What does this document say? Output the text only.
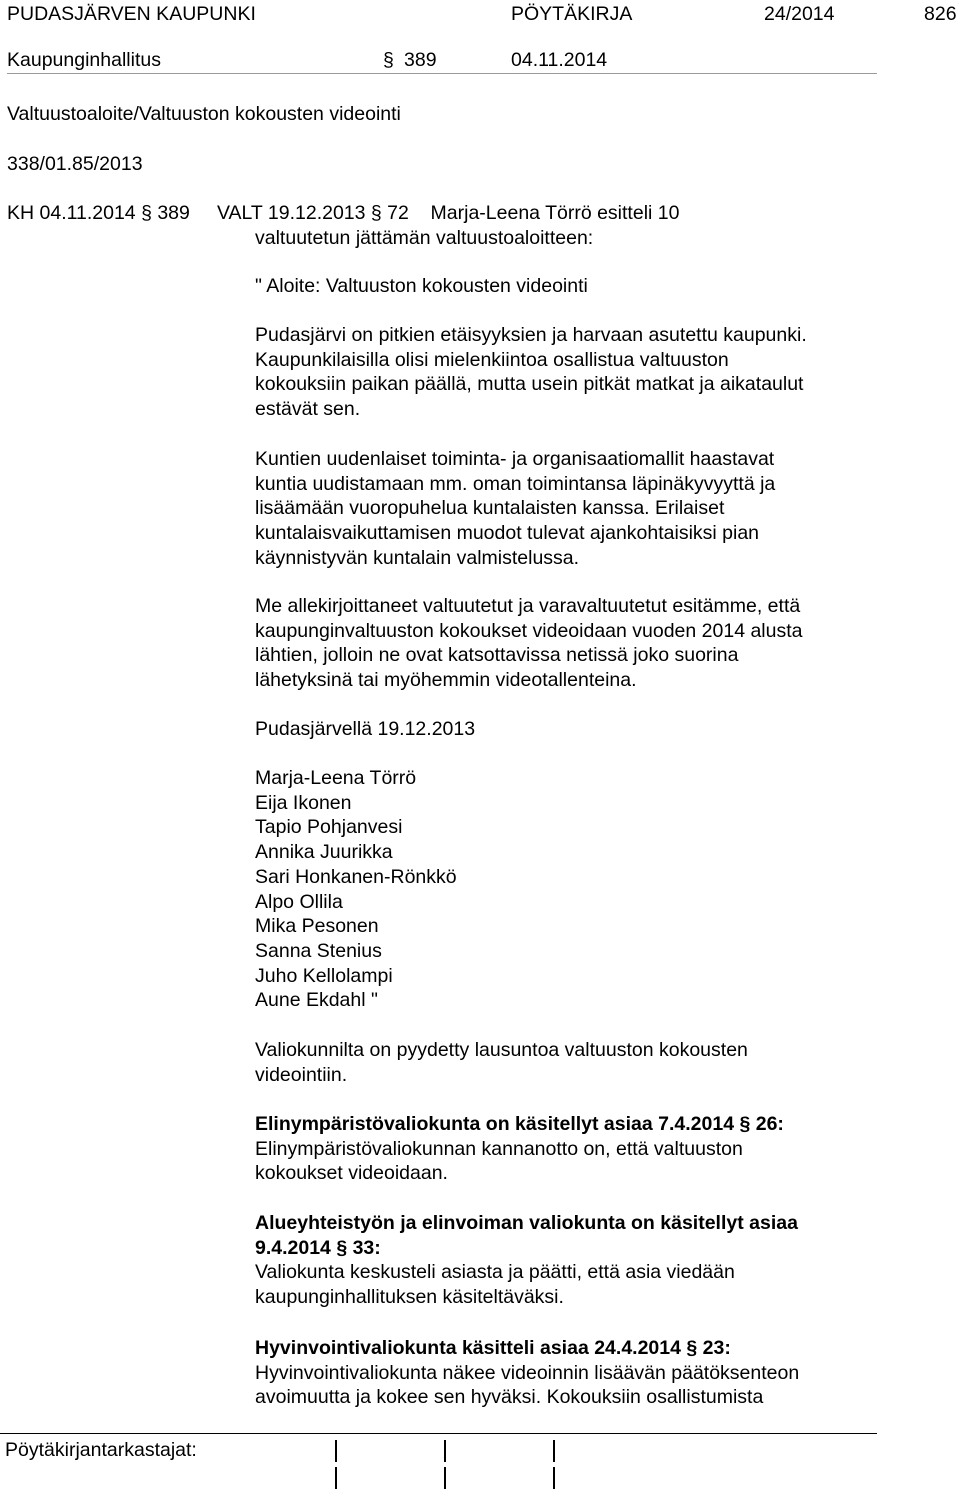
PUDASJÄRVEN KAUPUNKI	PÖYTÄKIRJA	24/2014	826
Kaupunginhallitus	§ 389	04.11.2014
Valtuustoaloite/Valtuuston kokousten videointi
338/01.85/2013
KH 04.11.2014 § 389     VALT 19.12.2013 § 72    Marja-Leena Törrö esitteli 10
valtuutetun jättämän valtuustoaloitteen:

" Aloite: Valtuuston kokousten videointi

Pudasjärvi on pitkien etäisyyksien ja harvaan asutettu kaupunki.
Kaupunkilaisilla olisi mielenkiintoa osallistua valtuuston
kokouksiin paikan päällä, mutta usein pitkät matkat ja aikataulut
estävät sen.

Kuntien uudenlaiset toiminta- ja organisaatiomallit haastavat
kuntia uudistamaan mm. oman toimintansa läpinäkyvyyttä ja
lisäämään vuoropuhelua kuntalaisten kanssa. Erilaiset
kuntalaisvaikuttamisen muodot tulevat ajankohtaisiksi pian
käynnistyvän kuntalain valmistelussa.

Me allekirjoittaneet valtuutetut ja varavaltuutetut esitämme, että
kaupunginvaltuuston kokoukset videoidaan vuoden 2014 alusta
lähtien, jolloin ne ovat katsottavissa netissä joko suorina
lähetyksinä tai myöhemmin videotallenteina.

Pudasjärvellä 19.12.2013

Marja-Leena Törrö
Eija Ikonen
Tapio Pohjanvesi
Annika Juurikka
Sari Honkanen-Rönkkö
Alpo Ollila
Mika Pesonen
Sanna Stenius
Juho Kellolampi
Aune Ekdahl "

Valiokunnilta on pyydetty lausuntoa valtuuston kokousten
videointiin.

Elinympäristövaliokunta on käsitellyt asiaa 7.4.2014 § 26:
Elinympäristövaliokunnan kannanotto on, että valtuuston
kokoukset videoidaan.

Alueyhteistyön ja elinvoiman valiokunta on käsitellyt asiaa
9.4.2014 § 33:
Valiokunta keskusteli asiasta ja päätti, että asia viedään
kaupunginhallituksen käsiteltäväksi.

Hyvinvointivaliokunta käsitteli asiaa 24.4.2014 § 23:
Hyvinvointivaliokunta näkee videoinnin lisäävän päätöksenteon
avoimuutta ja kokee sen hyväksi. Kokouksiin osallistumista

Pöytäkirjantarkastajat:
